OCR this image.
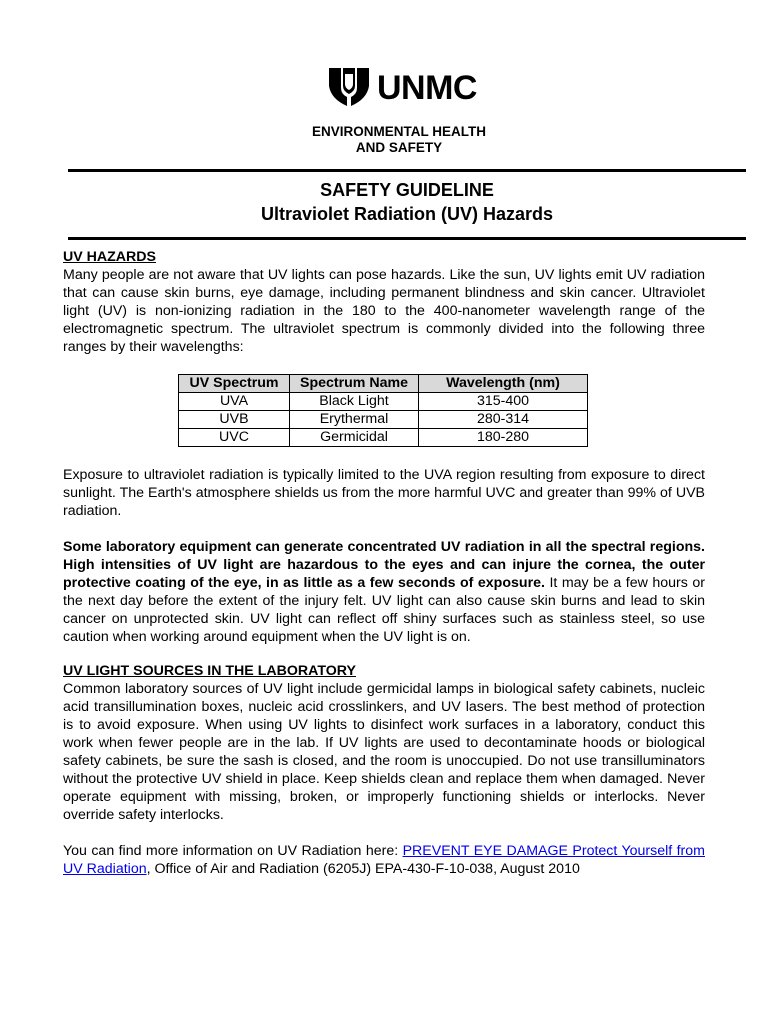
UNMC
ENVIRONMENTAL HEALTH
AND SAFETY
SAFETY GUIDELINE
Ultraviolet Radiation (UV) Hazards
UV HAZARDS
Many people are not aware that UV lights can pose hazards. Like the sun, UV lights emit UV radiation that can cause skin burns, eye damage, including permanent blindness and skin cancer. Ultraviolet light (UV) is non-ionizing radiation in the 180 to the 400-nanometer wavelength range of the electromagnetic spectrum. The ultraviolet spectrum is commonly divided into the following three ranges by their wavelengths:
UV Spectrum	Spectrum Name	Wavelength (nm)
UVA	Black Light	315-400
UVB	Erythermal	280-314
UVC	Germicidal	180-280
Exposure to ultraviolet radiation is typically limited to the UVA region resulting from exposure to direct sunlight. The Earth's atmosphere shields us from the more harmful UVC and greater than 99% of UVB radiation.
Some laboratory equipment can generate concentrated UV radiation in all the spectral regions. High intensities of UV light are hazardous to the eyes and can injure the cornea, the outer protective coating of the eye, in as little as a few seconds of exposure. It may be a few hours or the next day before the extent of the injury felt. UV light can also cause skin burns and lead to skin cancer on unprotected skin. UV light can reflect off shiny surfaces such as stainless steel, so use caution when working around equipment when the UV light is on.
UV LIGHT SOURCES IN THE LABORATORY
Common laboratory sources of UV light include germicidal lamps in biological safety cabinets, nucleic acid transillumination boxes, nucleic acid crosslinkers, and UV lasers. The best method of protection is to avoid exposure. When using UV lights to disinfect work surfaces in a laboratory, conduct this work when fewer people are in the lab. If UV lights are used to decontaminate hoods or biological safety cabinets, be sure the sash is closed, and the room is unoccupied. Do not use transilluminators without the protective UV shield in place. Keep shields clean and replace them when damaged. Never operate equipment with missing, broken, or improperly functioning shields or interlocks. Never override safety interlocks.
You can find more information on UV Radiation here: PREVENT EYE DAMAGE Protect Yourself from UV Radiation, Office of Air and Radiation (6205J) EPA-430-F-10-038, August 2010
